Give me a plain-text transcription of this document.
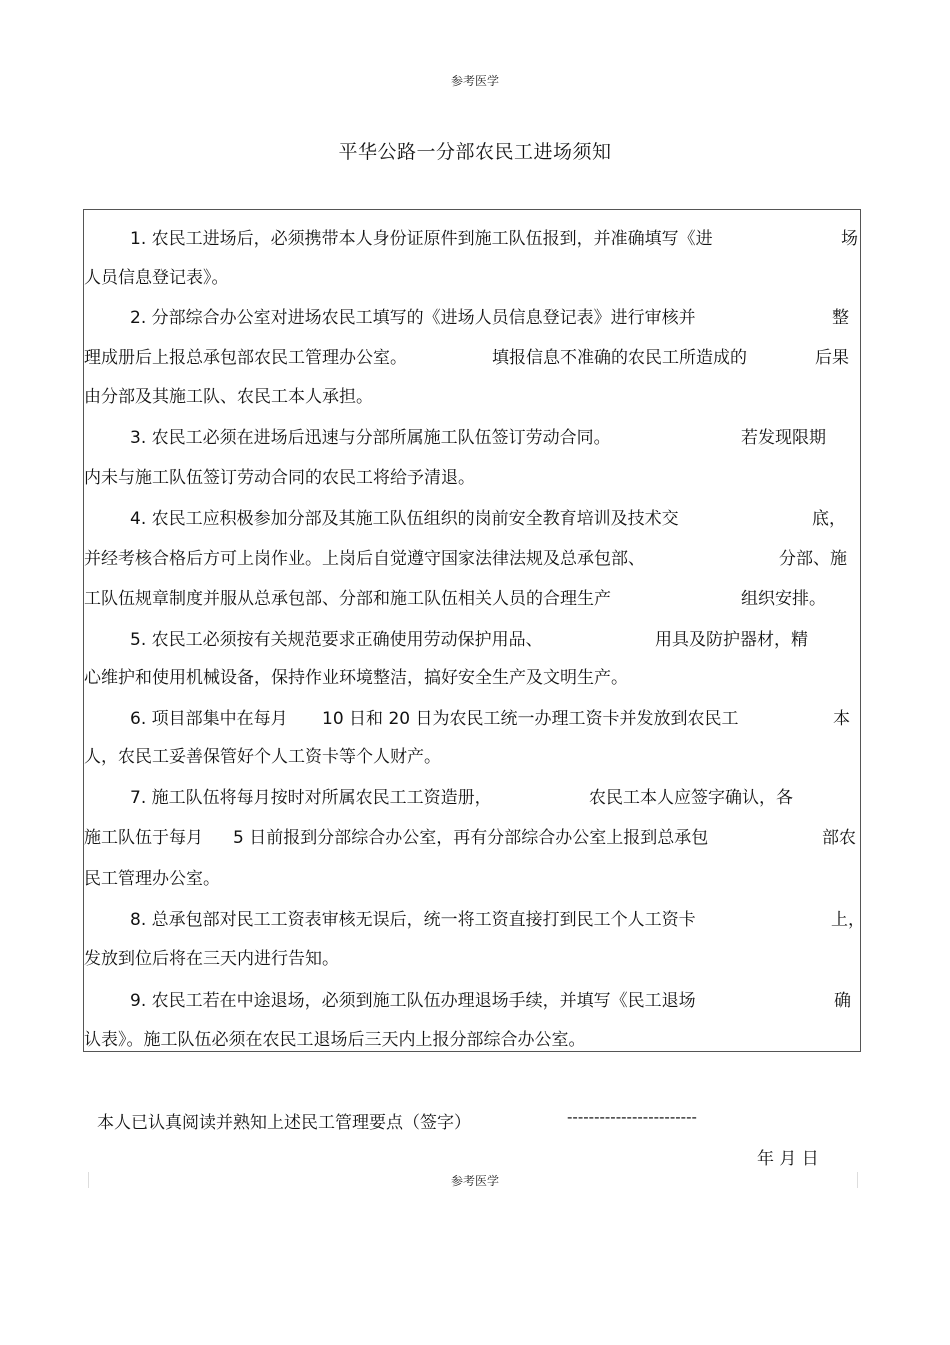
参考医学
平华公路一分部农民工进场须知
1. 农民工进场后，必须携带本人身份证原件到施工队伍报到，并准确填写《进	场
人员信息登记表》。
2. 分部综合办公室对进场农民工填写的《进场人员信息登记表》进行审核并	整
理成册后上报总承包部农民工管理办公室。	填报信息不准确的农民工所造成的	后果
由分部及其施工队、农民工本人承担。
3. 农民工必须在进场后迅速与分部所属施工队伍签订劳动合同。	若发现限期
内未与施工队伍签订劳动合同的农民工将给予清退。
4. 农民工应积极参加分部及其施工队伍组织的岗前安全教育培训及技术交	底，
并经考核合格后方可上岗作业。上岗后自觉遵守国家法律法规及总承包部、	分部、施
工队伍规章制度并服从总承包部、分部和施工队伍相关人员的合理生产	组织安排。
5. 农民工必须按有关规范要求正确使用劳动保护用品、	用具及防护器材，精
心维护和使用机械设备，保持作业环境整洁，搞好安全生产及文明生产。
6. 项目部集中在每月 10 日和 20 日为农民工统一办理工资卡并发放到农民工	本
人，农民工妥善保管好个人工资卡等个人财产。
7. 施工队伍将每月按时对所属农民工工资造册，	农民工本人应签字确认，各
施工队伍于每月 5 日前报到分部综合办公室，再有分部综合办公室上报到总承包	部农
民工管理办公室。
8. 总承包部对民工工资表审核无误后，统一将工资直接打到民工个人工资卡	上，
发放到位后将在三天内进行告知。
9. 农民工若在中途退场，必须到施工队伍办理退场手续，并填写《民工退场	确
认表》。施工队伍必须在农民工退场后三天内上报分部综合办公室。
本人已认真阅读并熟知上述民工管理要点（签字）	------------------------
年 月 日
参考医学
